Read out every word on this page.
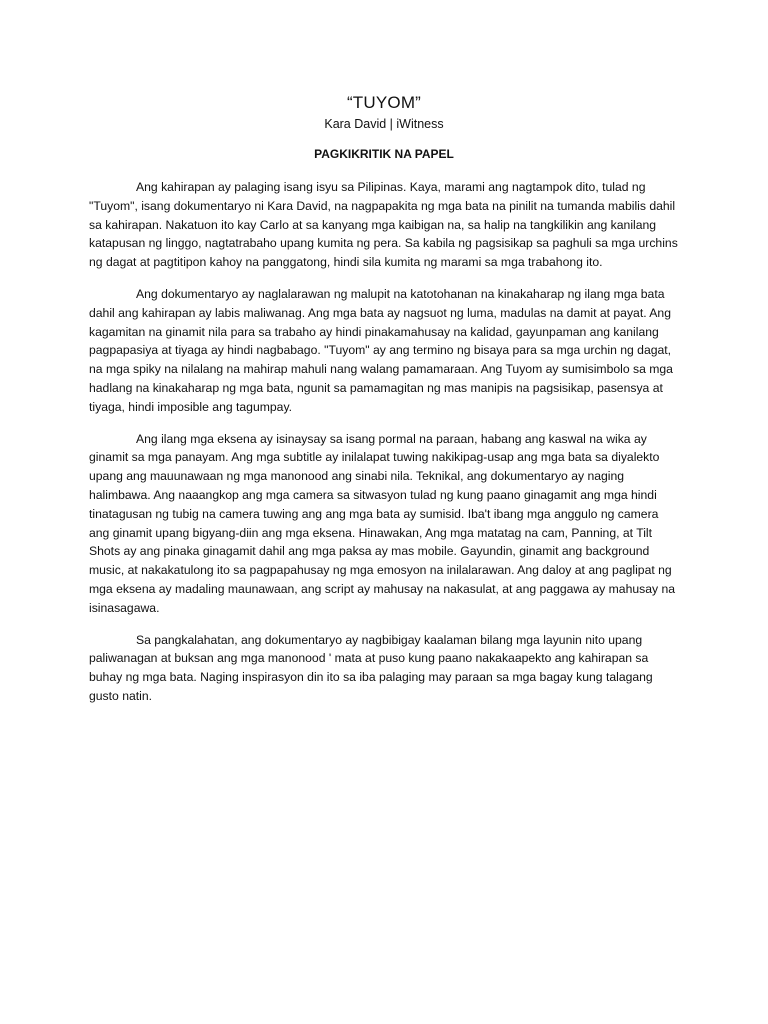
“TUYOM”
Kara David | iWitness
PAGKIKRITIK NA PAPEL

Ang kahirapan ay palaging isang isyu sa Pilipinas. Kaya, marami ang nagtampok dito, tulad ng "Tuyom", isang dokumentaryo ni Kara David, na nagpapakita ng mga bata na pinilit na tumanda mabilis dahil sa kahirapan. Nakatuon ito kay Carlo at sa kanyang mga kaibigan na, sa halip na tangkilikin ang kanilang katapusan ng linggo, nagtatrabaho upang kumita ng pera. Sa kabila ng pagsisikap sa paghuli sa mga urchins ng dagat at pagtitipon kahoy na panggatong, hindi sila kumita ng marami sa mga trabahong ito.

Ang dokumentaryo ay naglalarawan ng malupit na katotohanan na kinakaharap ng ilang mga bata dahil ang kahirapan ay labis maliwanag. Ang mga bata ay nagsuot ng luma, madulas na damit at payat. Ang kagamitan na ginamit nila para sa trabaho ay hindi pinakamahusay na kalidad, gayunpaman ang kanilang pagpapasiya at tiyaga ay hindi nagbabago. "Tuyom" ay ang termino ng bisaya para sa mga urchin ng dagat, na mga spiky na nilalang na mahirap mahuli nang walang pamamaraan. Ang Tuyom ay sumisimbolo sa mga hadlang na kinakaharap ng mga bata, ngunit sa pamamagitan ng mas manipis na pagsisikap, pasensya at tiyaga, hindi imposible ang tagumpay.

Ang ilang mga eksena ay isinaysay sa isang pormal na paraan, habang ang kaswal na wika ay ginamit sa mga panayam. Ang mga subtitle ay inilalapat tuwing nakikipag-usap ang mga bata sa diyalekto upang ang mauunawaan ng mga manonood ang sinabi nila. Teknikal, ang dokumentaryo ay naging halimbawa. Ang naaangkop ang mga camera sa sitwasyon tulad ng kung paano ginagamit ang mga hindi tinatagusan ng tubig na camera tuwing ang ang mga bata ay sumisid. Iba't ibang mga anggulo ng camera ang ginamit upang bigyang-diin ang mga eksena. Hinawakan, Ang mga matatag na cam, Panning, at Tilt Shots ay ang pinaka ginagamit dahil ang mga paksa ay mas mobile. Gayundin, ginamit ang background music, at nakakatulong ito sa pagpapahusay ng mga emosyon na inilalarawan. Ang daloy at ang paglipat ng mga eksena ay madaling maunawaan, ang script ay mahusay na nakasulat, at ang paggawa ay mahusay na isinasagawa.

Sa pangkalahatan, ang dokumentaryo ay nagbibigay kaalaman bilang mga layunin nito upang paliwanagan at buksan ang mga manonood ' mata at puso kung paano nakakaapekto ang kahirapan sa buhay ng mga bata. Naging inspirasyon din ito sa iba palaging may paraan sa mga bagay kung talagang gusto natin.
